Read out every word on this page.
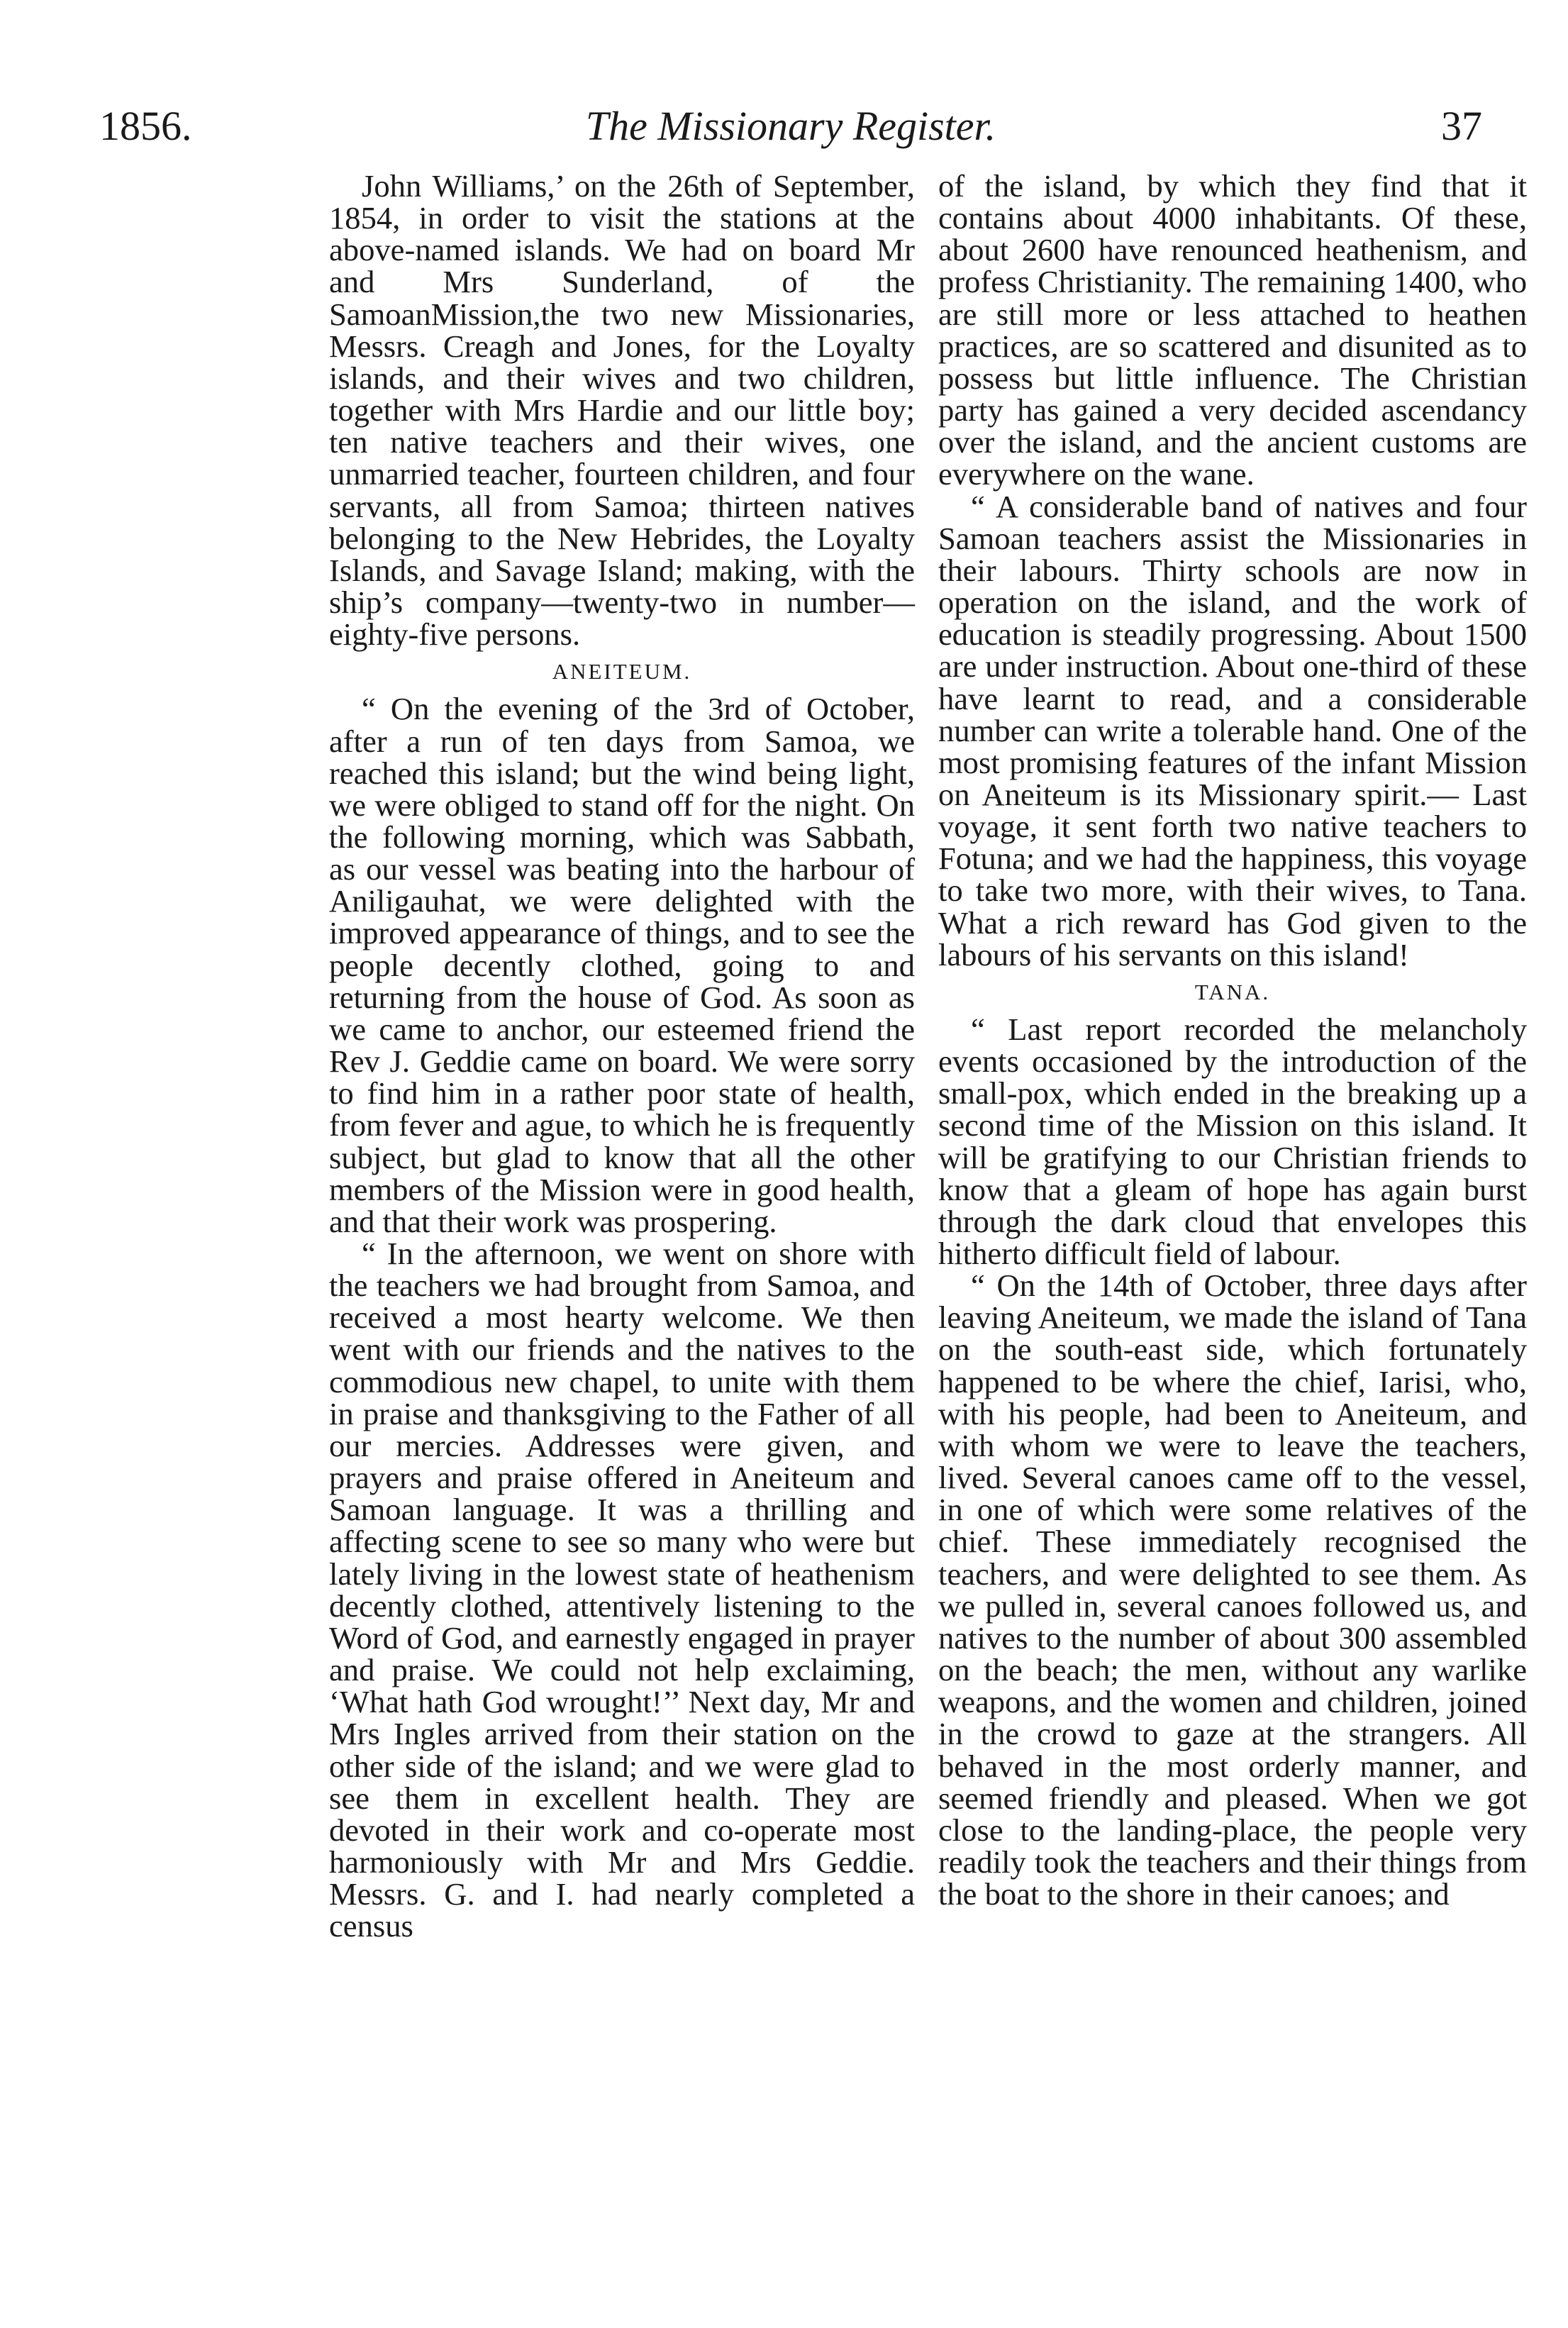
1856.	The Missionary Register.	37

John Williams,’ on the 26th of September, 1854, in order to visit the stations at the above-named islands. We had on board Mr and Mrs Sunderland, of the SamoanMission,the two new Missionaries, Messrs. Creagh and Jones, for the Loyalty islands, and their wives and two children, together with Mrs Hardie and our little boy; ten native teachers and their wives, one unmarried teacher, fourteen children, and four servants, all from Samoa; thirteen natives belonging to the New Hebrides, the Loyalty Islands, and Savage Island; making, with the ship’s company—twenty-two in number—eighty-five persons.

ANEITEUM.

“ On the evening of the 3rd of October, after a run of ten days from Samoa, we reached this island; but the wind being light, we were obliged to stand off for the night. On the following morning, which was Sabbath, as our vessel was beating into the harbour of Aniligauhat, we were delighted with the improved appearance of things, and to see the people decently clothed, going to and returning from the house of God. As soon as we came to anchor, our esteemed friend the Rev J. Geddie came on board. We were sorry to find him in a rather poor state of health, from fever and ague, to which he is frequently subject, but glad to know that all the other members of the Mission were in good health, and that their work was prospering.

“ In the afternoon, we went on shore with the teachers we had brought from Samoa, and received a most hearty welcome. We then went with our friends and the natives to the commodious new chapel, to unite with them in praise and thanksgiving to the Father of all our mercies. Addresses were given, and prayers and praise offered in Aneiteum and Samoan language. It was a thrilling and affecting scene to see so many who were but lately living in the lowest state of heathenism decently clothed, attentively listening to the Word of God, and earnestly engaged in prayer and praise. We could not help exclaiming, ‘What hath God wrought!’’ Next day, Mr and Mrs Ingles arrived from their station on the other side of the island; and we were glad to see them in excellent health. They are devoted in their work and co-operate most harmoniously with Mr and Mrs Geddie. Messrs. G. and I. had nearly completed a census

of the island, by which they find that it contains about 4000 inhabitants. Of these, about 2600 have renounced heathenism, and profess Christianity. The remaining 1400, who are still more or less attached to heathen practices, are so scattered and disunited as to possess but little influence. The Christian party has gained a very decided ascendancy over the island, and the ancient customs are everywhere on the wane.

“ A considerable band of natives and four Samoan teachers assist the Missionaries in their labours. Thirty schools are now in operation on the island, and the work of education is steadily progressing. About 1500 are under instruction. About one-third of these have learnt to read, and a considerable number can write a tolerable hand. One of the most promising features of the infant Mission on Aneiteum is its Missionary spirit.— Last voyage, it sent forth two native teachers to Fotuna; and we had the happiness, this voyage to take two more, with their wives, to Tana. What a rich reward has God given to the labours of his servants on this island!

TANA.

“ Last report recorded the melancholy events occasioned by the introduction of the small-pox, which ended in the breaking up a second time of the Mission on this island. It will be gratifying to our Christian friends to know that a gleam of hope has again burst through the dark cloud that envelopes this hitherto difficult field of labour.

“ On the 14th of October, three days after leaving Aneiteum, we made the island of Tana on the south-east side, which fortunately happened to be where the chief, Iarisi, who, with his people, had been to Aneiteum, and with whom we were to leave the teachers, lived. Several canoes came off to the vessel, in one of which were some relatives of the chief. These immediately recognised the teachers, and were delighted to see them. As we pulled in, several canoes followed us, and natives to the number of about 300 assembled on the beach; the men, without any warlike weapons, and the women and children, joined in the crowd to gaze at the strangers. All behaved in the most orderly manner, and seemed friendly and pleased. When we got close to the landing-place, the people very readily took the teachers and their things from the boat to the shore in their canoes; and
